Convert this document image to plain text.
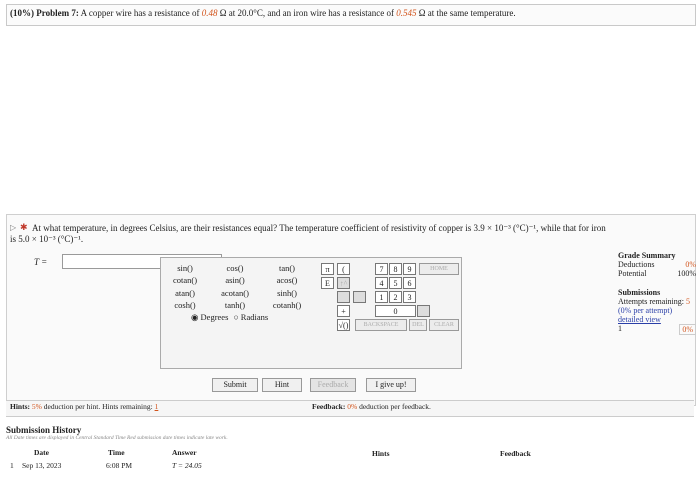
(10%) Problem 7: A copper wire has a resistance of 0.48 Ω at 20.0°C, and an iron wire has a resistance of 0.545 Ω at the same temperature.
▷ ✱ At what temperature, in degrees Celsius, are their resistances equal? The temperature coefficient of resistivity of copper is 3.9 × 10⁻³ (°C)⁻¹, while that for iron
is 5.0 × 10⁻³ (°C)⁻¹.
T =
sin()	cos()	tan()
cotan()	asin()	acos()
atan()	acotan()	sinh()
cosh()	tanh()	cotanh()
◉ Degrees ○ Radians
π	(
E	↑^
+
√()
7	8	9
4	5	6
1	2	3
0
HOME
BACKSPACE	DEL	CLEAR
Submit	Hint	Feedback	I give up!
Hints: 5% deduction per hint. Hints remaining: 1	Feedback: 0% deduction per feedback.
Grade Summary
Deductions	0%
Potential	100%
Submissions
Attempts remaining: 5
(0% per attempt)
detailed view
1	0%
Submission History
All Date times are displayed in Central Standard Time Red submission date times indicate late work.
Date	Time	Answer	Hints	Feedback
1 Sep 13, 2023	6:08 PM	T = 24.05
